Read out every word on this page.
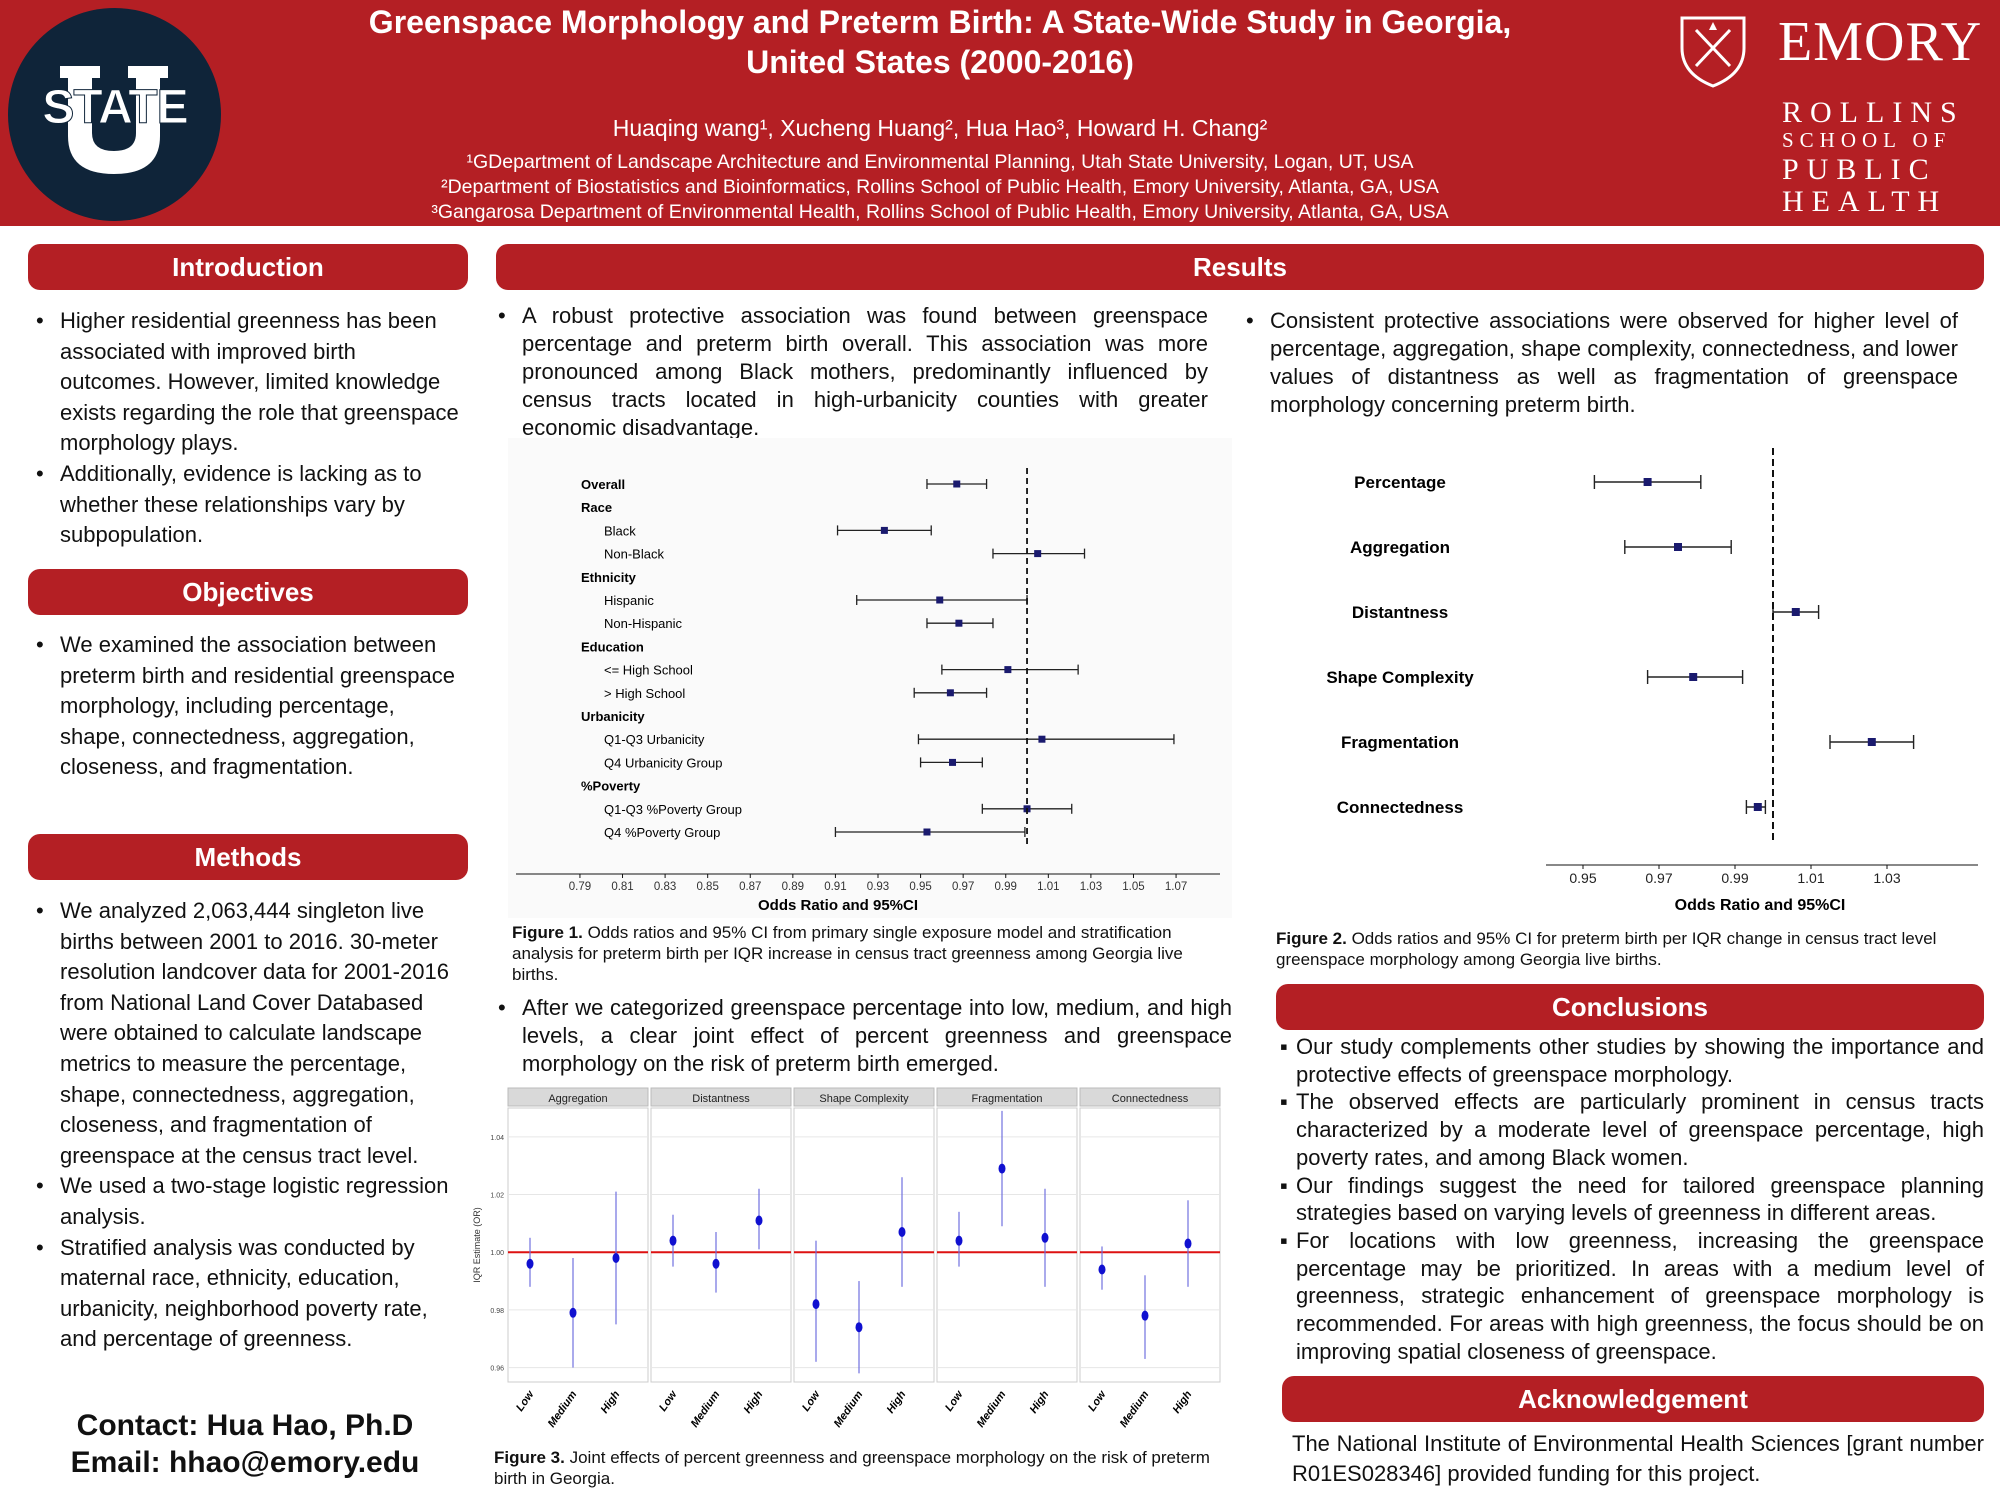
STATE
Greenspace Morphology and Preterm Birth: A State-Wide Study in Georgia,
United States (2000-2016)
Huaqing wang¹, Xucheng Huang², Hua Hao³, Howard H. Chang²
¹GDepartment of Landscape Architecture and Environmental Planning, Utah State University, Logan, UT, USA
²Department of Biostatistics and Bioinformatics, Rollins School of Public Health, Emory University, Atlanta, GA, USA
³Gangarosa Department of Environmental Health, Rollins School of Public Health, Emory University, Atlanta, GA, USA
EMORY
ROLLINS
SCHOOL OF
PUBLIC
HEALTH
Introduction
• Higher residential greenness has been associated with improved birth outcomes. However, limited knowledge exists regarding the role that greenspace morphology plays.
• Additionally, evidence is lacking as to whether these relationships vary by subpopulation.
Objectives
• We examined the association between preterm birth and residential greenspace morphology, including percentage, shape, connectedness, aggregation, closeness, and fragmentation.
Methods
• We analyzed 2,063,444 singleton live births between 2001 to 2016. 30-meter resolution landcover data for 2001-2016 from National Land Cover Databased were obtained to calculate landscape metrics to measure the percentage, shape, connectedness, aggregation, closeness, and fragmentation of greenspace at the census tract level.
• We used a two-stage logistic regression analysis.
• Stratified analysis was conducted by maternal race, ethnicity, education, urbanicity, neighborhood poverty rate, and percentage of greenness.
Contact: Hua Hao, Ph.D
Email: hhao@emory.edu
Results
• A robust protective association was found between greenspace percentage and preterm birth overall. This association was more pronounced among Black mothers, predominantly influenced by census tracts located in high-urbanicity counties with greater economic disadvantage.
• Consistent protective associations were observed for higher level of percentage, aggregation, shape complexity, connectedness, and lower values of distantness as well as fragmentation of greenspace morphology concerning preterm birth.
Overall
Race
Black
Non-Black
Ethnicity
Hispanic
Non-Hispanic
Education
<= High School
> High School
Urbanicity
Q1-Q3 Urbanicity
Q4 Urbanicity Group
%Poverty
Q1-Q3 %Poverty Group
Q4 %Poverty Group
0.79 0.81 0.83 0.85 0.87 0.89 0.91 0.93 0.95 0.97 0.99 1.01 1.03 1.05 1.07
Odds Ratio and 95%CI
Figure 1. Odds ratios and 95% CI from primary single exposure model and stratification analysis for preterm birth per IQR increase in census tract greenness among Georgia live births.
• After we categorized greenspace percentage into low, medium, and high levels, a clear joint effect of percent greenness and greenspace morphology on the risk of preterm birth emerged.
IQR Estimate (OR)
0.96
0.98
1.00
1.02
1.04
Aggregation
Low Medium High
Distantness
Low Medium High
Shape Complexity
Low Medium High
Fragmentation
Low Medium High
Connectedness
Low Medium High
Figure 3. Joint effects of percent greenness and greenspace morphology on the risk of preterm birth in Georgia.
Percentage
Aggregation
Distantness
Shape Complexity
Fragmentation
Connectedness
0.95	0.97	0.99	1.01	1.03
Odds Ratio and 95%CI
Figure 2. Odds ratios and 95% CI for preterm birth per IQR change in census tract level greenspace morphology among Georgia live births.
Conclusions
▪ Our study complements other studies by showing the importance and protective effects of greenspace morphology.
▪ The observed effects are particularly prominent in census tracts characterized by a moderate level of greenspace percentage, high poverty rates, and among Black women.
▪ Our findings suggest the need for tailored greenspace planning strategies based on varying levels of greenness in different areas.
▪ For locations with low greenness, increasing the greenspace percentage may be prioritized. In areas with a medium level of greenness, strategic enhancement of greenspace morphology is recommended. For areas with high greenness, the focus should be on improving spatial closeness of greenspace.
Acknowledgement
The National Institute of Environmental Health Sciences [grant number R01ES028346] provided funding for this project.
